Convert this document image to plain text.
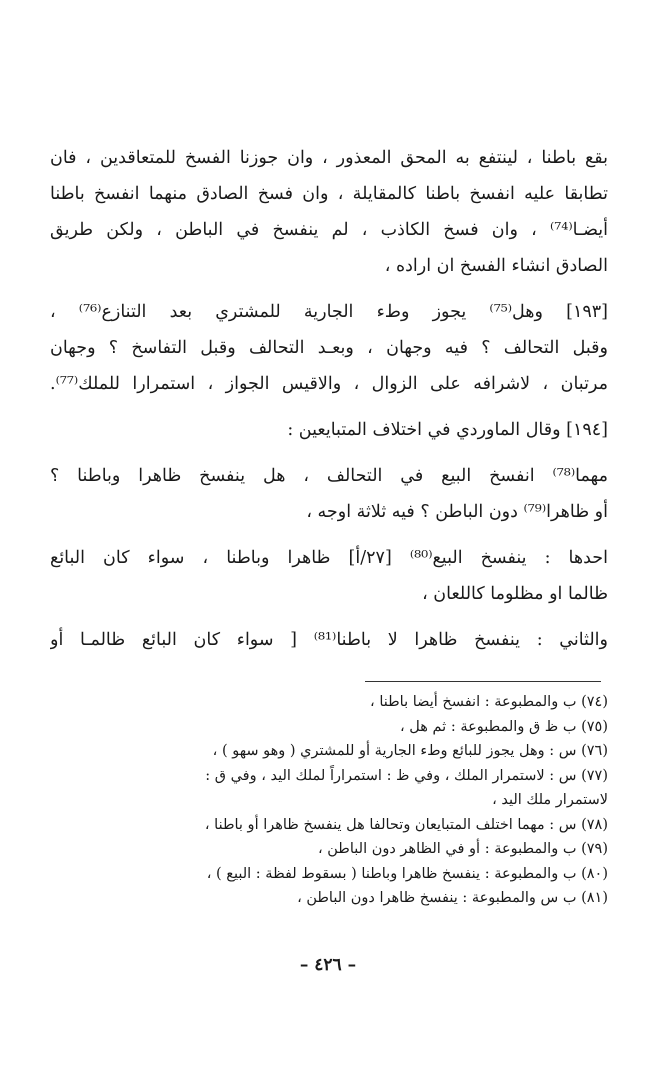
بقع باطنا ، لينتفع به المحق المعذور ، وان جوزنا الفسخ للمتعاقدين ، فان
تطابقا عليه انفسخ باطنا كالمقايلة ، وان فسخ الصادق منهما انفسخ باطنا
أيضـا⁽⁷⁴⁾ ، وان فسخ الكاذب ، لم ينفسخ في الباطن ، ولكن طريق
الصادق انشاء الفسخ ان اراده ،
[١٩٣] وهل⁽⁷⁵⁾ يجوز وطء الجارية للمشتري بعد التنازع⁽⁷⁶⁾ ،
وقبل التحالف ؟ فيه وجهان ، وبعـد التحالف وقبل التفاسخ ؟ وجهان
مرتبان ، لاشرافه على الزوال ، والاقيس الجواز ، استمرارا للملك⁽⁷⁷⁾.
[١٩٤] وقال الماوردي في اختلاف المتبايعين :
مهما⁽⁷⁸⁾ انفسخ البيع في التحالف ، هل ينفسخ ظاهرا وباطنا ؟
أو ظاهرا⁽⁷⁹⁾ دون الباطن ؟ فيه ثلاثة اوجه ،
احدها : ينفسخ البيع⁽⁸⁰⁾ [٢٧/أ] ظاهرا وباطنا ، سواء كان البائع
ظالما او مظلوما كاللعان ،
والثاني : ينفسخ ظاهرا لا باطنا⁽⁸¹⁾ [ سواء كان البائع ظالمـا أو
(٧٤) ب والمطبوعة : انفسخ أيضا باطنا ،
(٧٥) ب ظ ق والمطبوعة : ثم هل ،
(٧٦) س : وهل يجوز للبائع وطء الجارية أو للمشتري ( وهو سهو ) ،
(٧٧) س : لاستمرار الملك ، وفي ظ : استمراراً لملك اليد ، وفي ق :
لاستمرار ملك اليد ،
(٧٨) س : مهما اختلف المتبايعان وتحالفا هل ينفسخ ظاهرا أو باطنا ،
(٧٩) ب والمطبوعة : أو في الظاهر دون الباطن ،
(٨٠) ب والمطبوعة : ينفسخ ظاهرا وباطنا ( بسقوط لفظة : البيع ) ،
(٨١) ب س والمطبوعة : ينفسخ ظاهرا دون الباطن ،
– ٤٢٦ –
